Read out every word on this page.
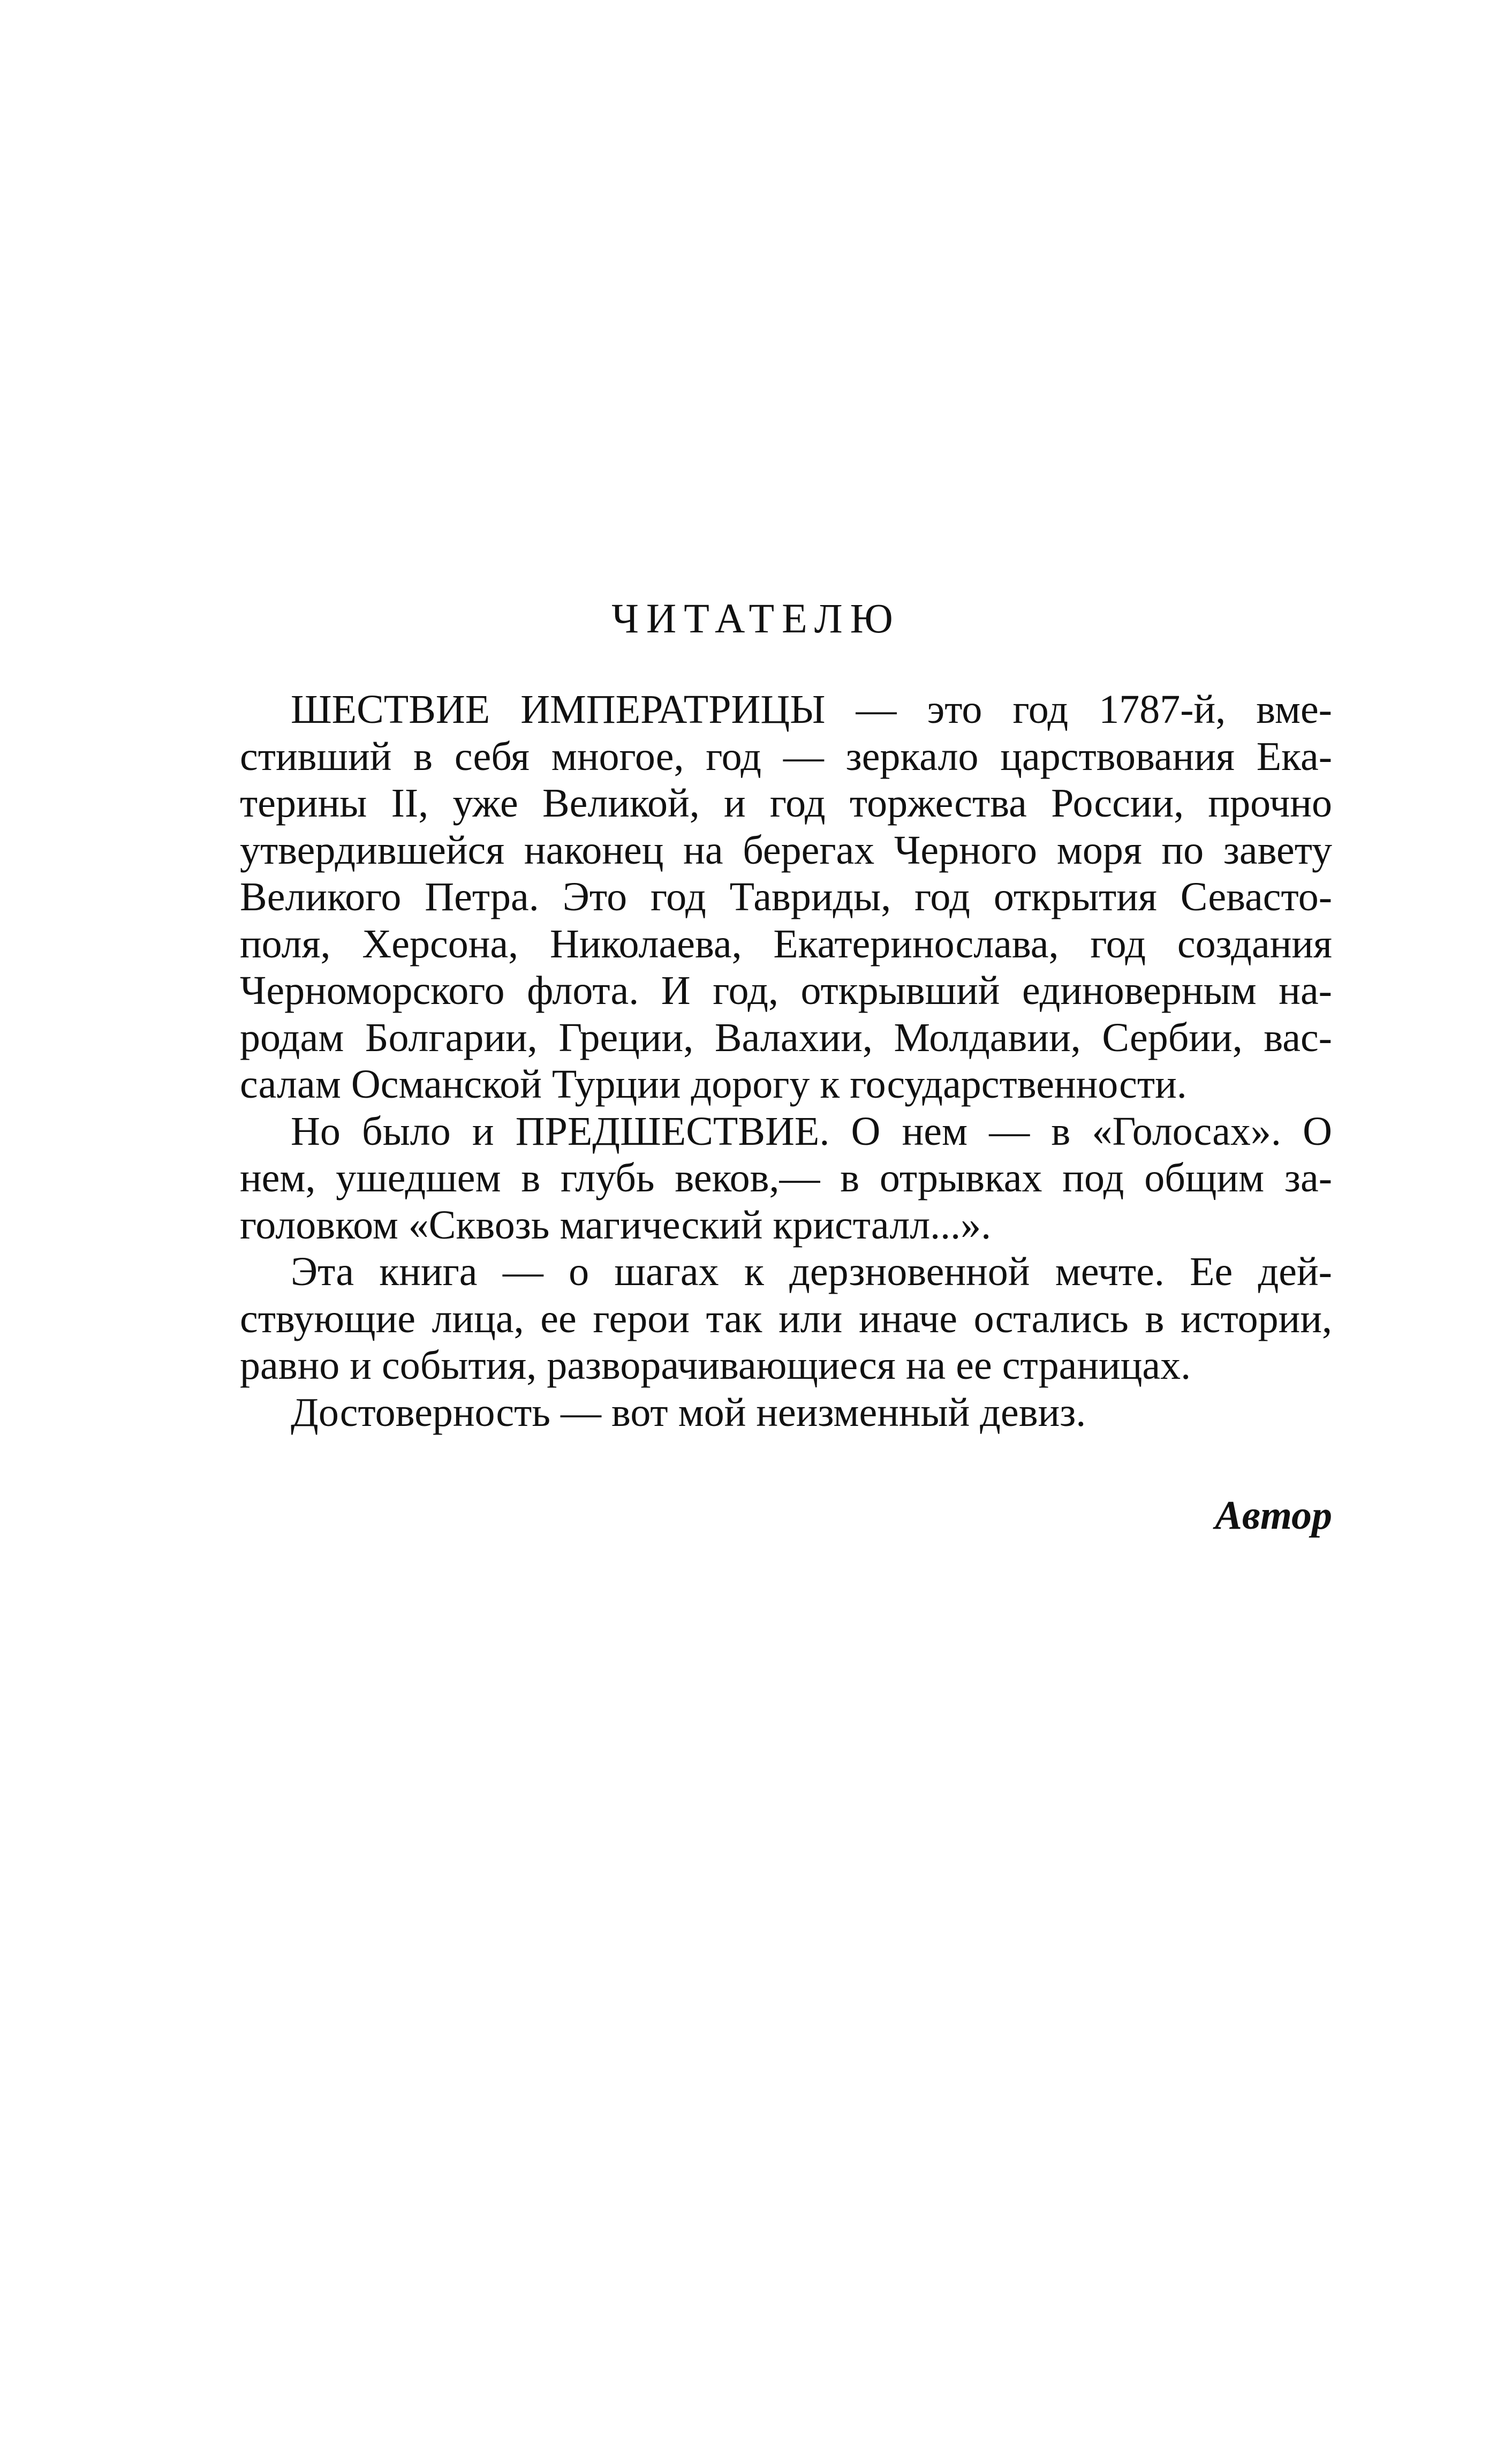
ЧИТАТЕЛЮ
ШЕСТВИЕ ИМПЕРАТРИЦЫ — это год 1787-й, вме-
стивший в себя многое, год — зеркало царствования Ека-
терины II, уже Великой, и год торжества России, прочно
утвердившейся наконец на берегах Черного моря по завету
Великого Петра. Это год Тавриды, год открытия Севасто-
поля, Херсона, Николаева, Екатеринослава, год создания
Черноморского флота. И год, открывший единоверным на-
родам Болгарии, Греции, Валахии, Молдавии, Сербии, вас-
салам Османской Турции дорогу к государственности.
Но было и ПРЕДШЕСТВИЕ. О нем — в «Голосах». О
нем, ушедшем в глубь веков,— в отрывках под общим за-
головком «Сквозь магический кристалл...».
Эта книга — о шагах к дерзновенной мечте. Ее дей-
ствующие лица, ее герои так или иначе остались в истории,
равно и события, разворачивающиеся на ее страницах.
Достоверность — вот мой неизменный девиз.

Автор
